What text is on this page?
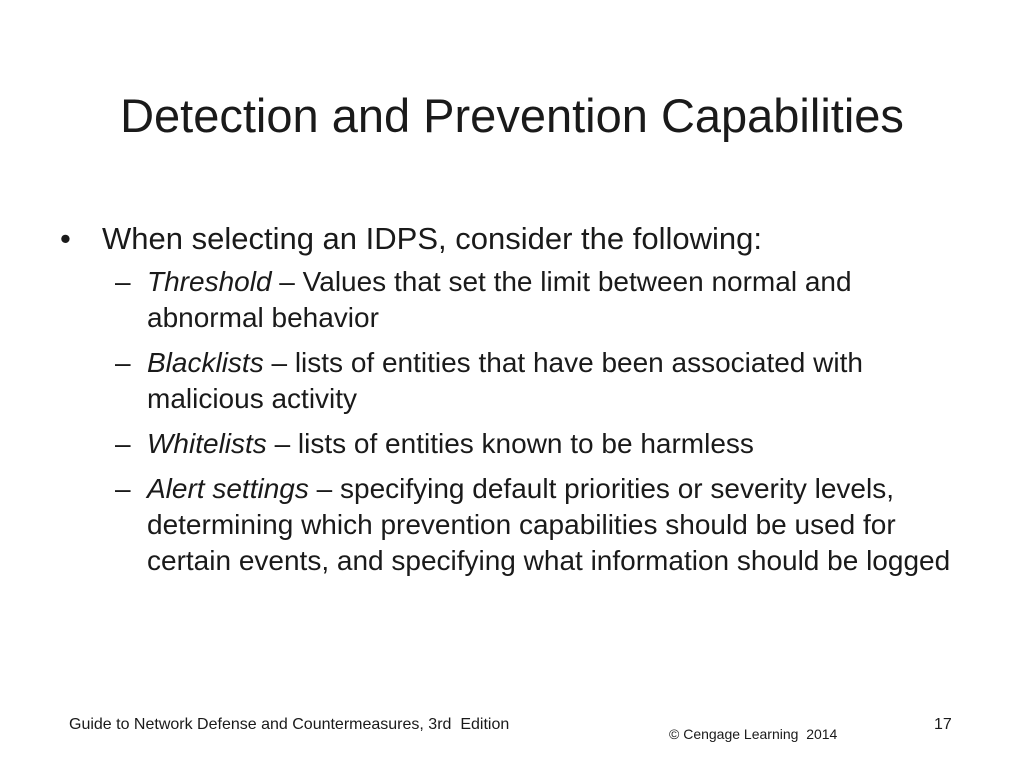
Detection and Prevention Capabilities
• When selecting an IDPS, consider the following:
– Threshold – Values that set the limit between normal and abnormal behavior
– Blacklists – lists of entities that have been associated with malicious activity
– Whitelists – lists of entities known to be harmless
– Alert settings – specifying default priorities or severity levels, determining which prevention capabilities should be used for certain events, and specifying what information should be logged
Guide to Network Defense and Countermeasures, 3rd  Edition
© Cengage Learning  2014
17
